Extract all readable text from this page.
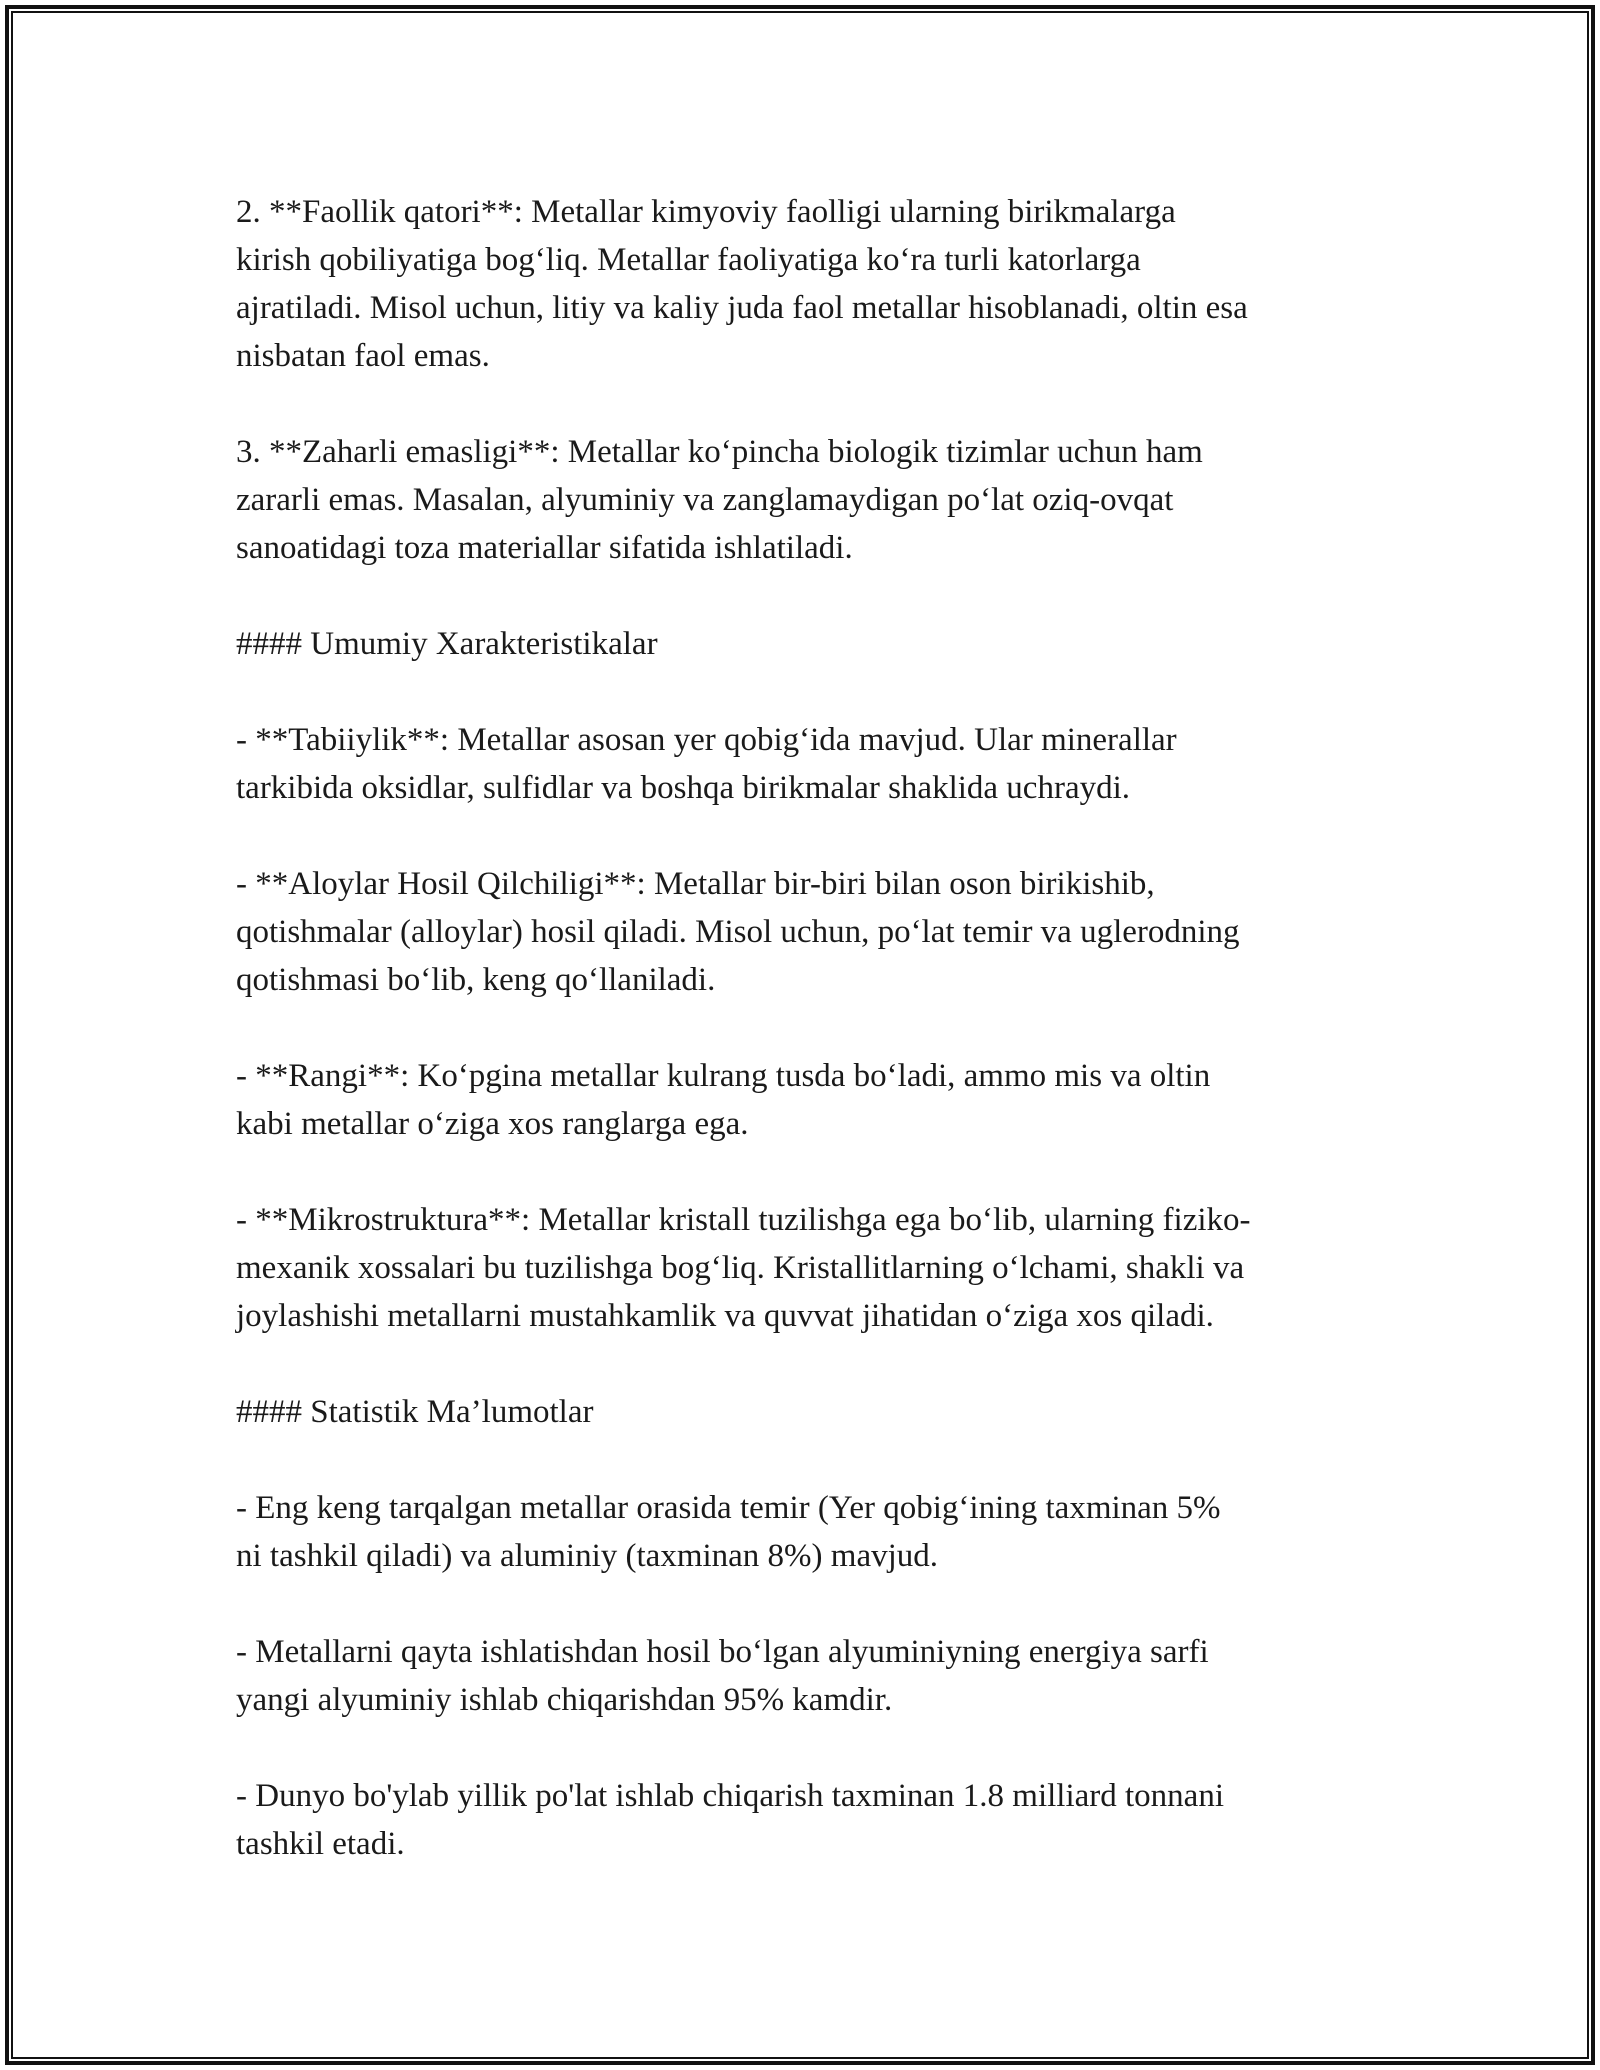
2. **Faollik qatori**: Metallar kimyoviy faolligi ularning birikmalarga
kirish qobiliyatiga bog‘liq. Metallar faoliyatiga ko‘ra turli katorlarga
ajratiladi. Misol uchun, litiy va kaliy juda faol metallar hisoblanadi, oltin esa
nisbatan faol emas.

3. **Zaharli emasligi**: Metallar ko‘pincha biologik tizimlar uchun ham
zararli emas. Masalan, alyuminiy va zanglamaydigan po‘lat oziq-ovqat
sanoatidagi toza materiallar sifatida ishlatiladi.

#### Umumiy Xarakteristikalar

- **Tabiiylik**: Metallar asosan yer qobig‘ida mavjud. Ular minerallar
tarkibida oksidlar, sulfidlar va boshqa birikmalar shaklida uchraydi.

- **Aloylar Hosil Qilchiligi**: Metallar bir-biri bilan oson birikishib,
qotishmalar (alloylar) hosil qiladi. Misol uchun, po‘lat temir va uglerodning
qotishmasi bo‘lib, keng qo‘llaniladi.

- **Rangi**: Ko‘pgina metallar kulrang tusda bo‘ladi, ammo mis va oltin
kabi metallar o‘ziga xos ranglarga ega.

- **Mikrostruktura**: Metallar kristall tuzilishga ega bo‘lib, ularning fiziko-
mexanik xossalari bu tuzilishga bog‘liq. Kristallitlarning o‘lchami, shakli va
joylashishi metallarni mustahkamlik va quvvat jihatidan o‘ziga xos qiladi.

#### Statistik Ma’lumotlar

- Eng keng tarqalgan metallar orasida temir (Yer qobig‘ining taxminan 5%
ni tashkil qiladi) va aluminiy (taxminan 8%) mavjud.

- Metallarni qayta ishlatishdan hosil bo‘lgan alyuminiyning energiya sarfi
yangi alyuminiy ishlab chiqarishdan 95% kamdir.

- Dunyo bo'ylab yillik po'lat ishlab chiqarish taxminan 1.8 milliard tonnani
tashkil etadi.
